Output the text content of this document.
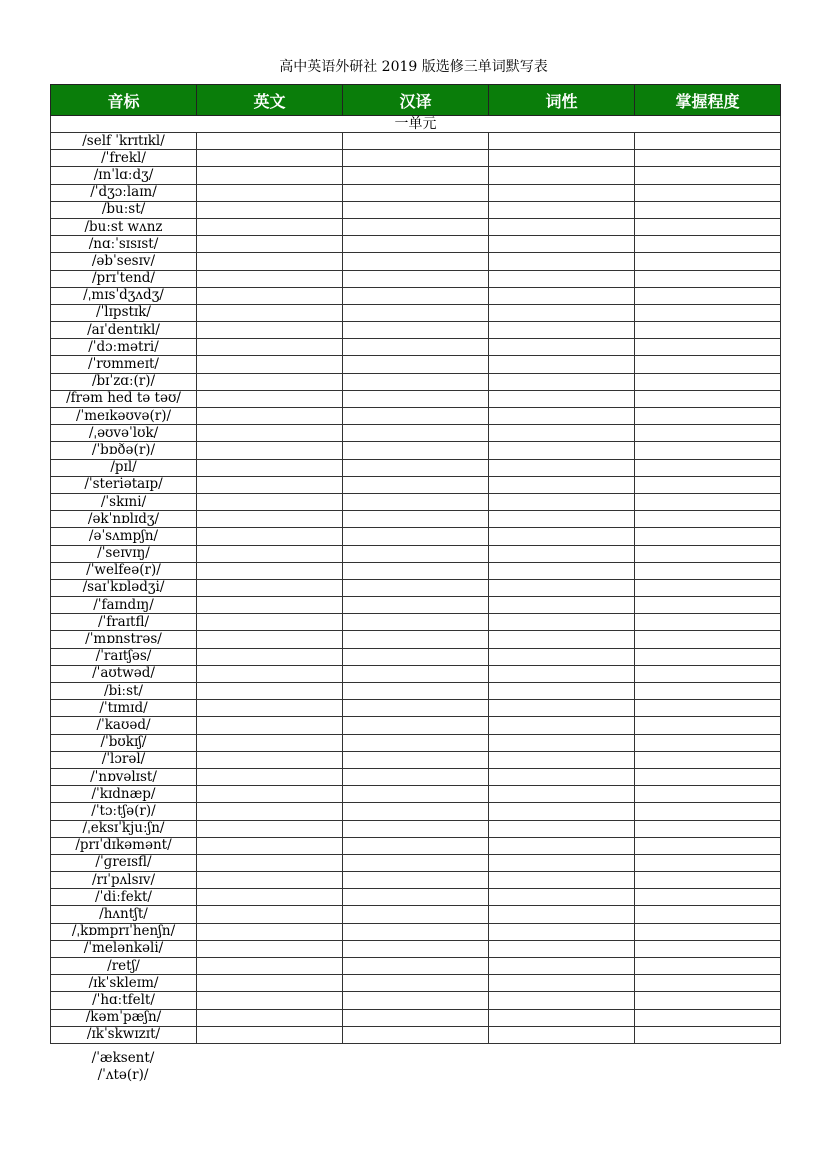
高中英语外研社 2019 版选修三单词默写表
音标	英文	汉译	词性	掌握程度
一单元				
/self ˈkrɪtɪkl/				
/ˈfrekl/				
/ɪnˈlɑːdʒ/				
/ˈdʒɔːlaɪn/				
/buːst/				
/buːst wʌnz				
/nɑːˈsɪsɪst/				
/əbˈsesɪv/				
/prɪˈtend/				
/ˌmɪsˈdʒʌdʒ/				
/ˈlɪpstɪk/				
/aɪˈdentɪkl/				
/ˈdɔːmətri/				
/ˈrʊmmeɪt/				
/bɪˈzɑː(r)/				
/frəm hed tə təʊ/				
/ˈmeɪkəʊvə(r)/				
/ˌəʊvəˈlʊk/				
/ˈbɒðə(r)/				
/pɪl/				
/ˈsteriətaɪp/				
/ˈskɪni/				
/əkˈnɒlɪdʒ/				
/əˈsʌmpʃn/				
/ˈseɪvɪŋ/				
/ˈwelfeə(r)/				
/saɪˈkɒlədʒi/				
/ˈfaɪndɪŋ/				
/ˈfraɪtfl/				
/ˈmɒnstrəs/				
/ˈraɪtʃəs/				
/ˈaʊtwəd/				
/biːst/				
/ˈtɪmɪd/				
/ˈkaʊəd/				
/ˈbʊkɪʃ/				
/ˈlɔrəl/				
/ˈnɒvəlɪst/				
/ˈkɪdnæp/				
/ˈtɔːtʃə(r)/				
/ˌeksɪˈkjuːʃn/				
/prɪˈdɪkəmənt/				
/ˈɡreɪsfl/				
/rɪˈpʌlsɪv/				
/ˈdiːfekt/				
/hʌntʃt/				
/ˌkɒmprɪˈhenʃn/				
/ˈmelənkəli/				
/retʃ/				
/ɪkˈskleɪm/				
/ˈhɑːtfelt/				
/kəmˈpæʃn/				
/ɪkˈskwɪzɪt/				
/ˈæksent/
/ˈʌtə(r)/
